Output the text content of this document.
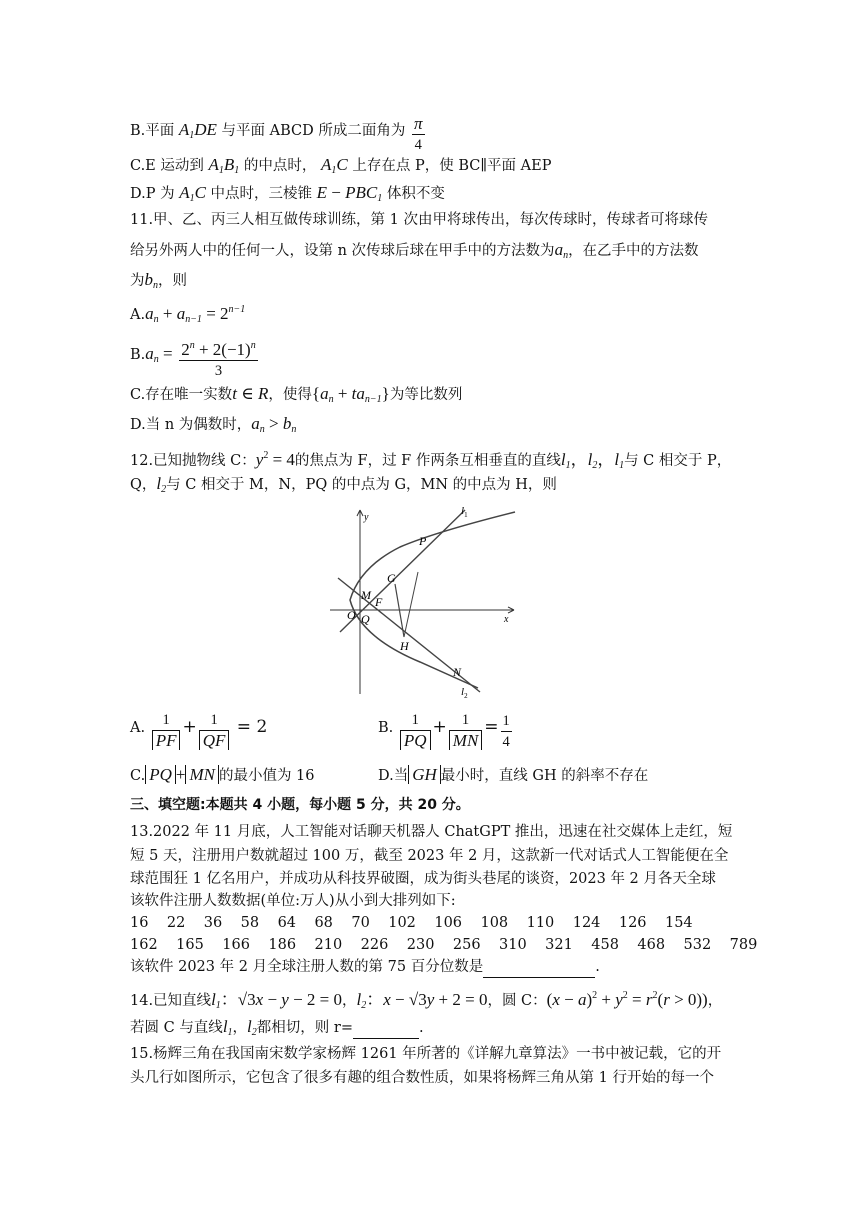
B.平面 $A_1DE$ 与平面 ABCD 所成二面角为 $\frac{\pi}{4}$
C.E 运动到 $A_1B_1$ 的中点时， $A_1C$ 上存在点 P，使 BC∥平面 AEP
D.P 为 $A_1C$ 中点时，三棱锥 $E - PBC_1$ 体积不变
11.甲、乙、丙三人相互做传球训练，第 1 次由甲将球传出，每次传球时，传球者可将球传
给另外两人中的任何一人，设第 n 次传球后球在甲手中的方法数为$a_n$，在乙手中的方法数
为$b_n$，则
$A.a_n + a_{n-1} = 2^{n-1}$
$B.a_n = \frac{2^n + 2(-1)^n}{3}$
C.存在唯一实数t ∈ R，使得$\{a_n + ta_{n-1}\}$为等比数列
D.当 n 为偶数时，$a_n > b_n$
12.已知抛物线 C：$y^2 = 4$的焦点为 F，过 F 作两条互相垂直的直线$l_1$，$l_2$，$l_1$与 C 相交于 P，
Q，$l_2$与 C 相交于 M，N，PQ 的中点为 G，MN 的中点为 H，则
y
x
O
M F
Q
G
P
H
N
$l_1$
$l_2$
A. $\frac{1}{PF} + \frac{1}{QF} = 2$	B. $\frac{1}{PQ} + \frac{1}{MN} = \frac{1}{4}$
C. PQ + MN 的最小值为 16	D.当 GH 最小时，直线 GH 的斜率不存在
三、填空题:本题共 4 小题，每小题 5 分，共 20 分。
13.2022 年 11 月底，人工智能对话聊天机器人 ChatGPT 推出，迅速在社交媒体上走红，短
短 5 天，注册用户数就超过 100 万，截至 2023 年 2 月，这款新一代对话式人工智能便在全
球范围狂 1 亿名用户，并成功从科技界破圈，成为街头巷尾的谈资，2023 年 2 月各天全球
该软件注册人数数据(单位:万人)从小到大排列如下:
16 22 36 58 64 68 70 102 106 108 110 124 126 154
162 165 166 186 210 226 230 256 310 321 458 468 532 789
该软件 2023 年 2 月全球注册人数的第 75 百分位数是	.
14.已知直线$l_1$：√3x − y − 2 = 0，$l_2$：x − √3y + 2 = 0，圆 C：$(x - a)^2 + y^2 = r^2(r > 0)$)，
若圆 C 与直线$l_1$，$l_2$都相切，则 r=	.
15.杨辉三角在我国南宋数学家杨辉 1261 年所著的《详解九章算法》一书中被记载，它的开
头几行如图所示，它包含了很多有趣的组合数性质，如果将杨辉三角从第 1 行开始的每一个
